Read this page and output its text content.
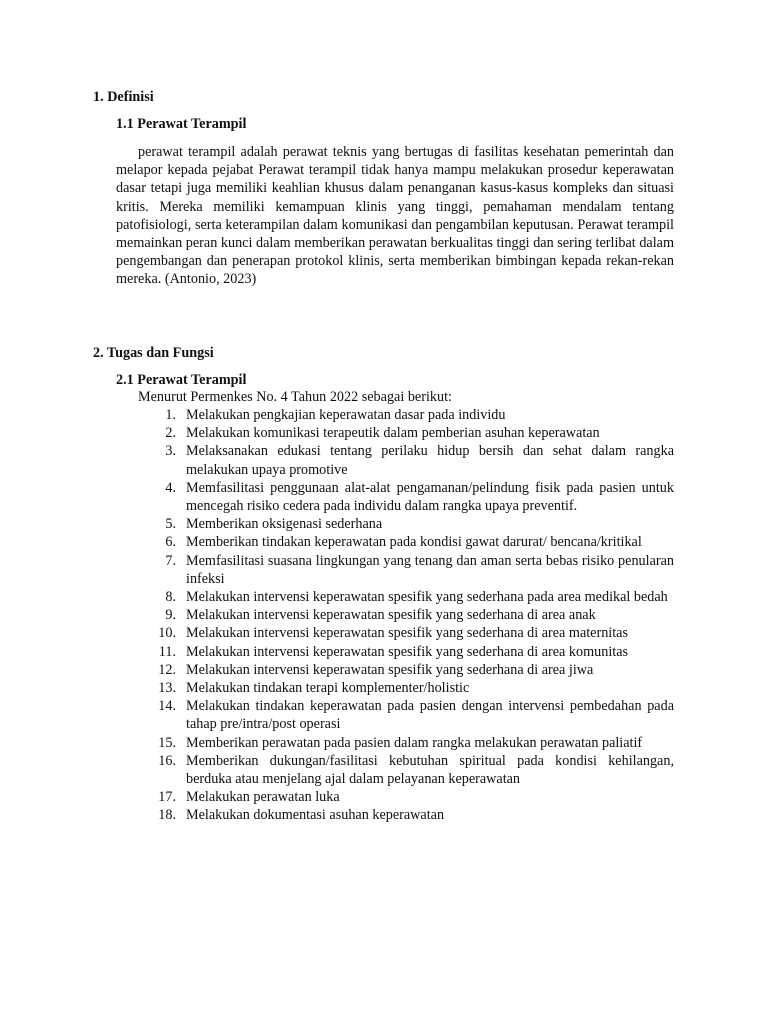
1. Definisi
1.1 Perawat Terampil

perawat terampil adalah perawat teknis yang bertugas di fasilitas kesehatan pemerintah dan melapor kepada pejabat Perawat terampil tidak hanya mampu melakukan prosedur keperawatan dasar tetapi juga memiliki keahlian khusus dalam penanganan kasus-kasus kompleks dan situasi kritis. Mereka memiliki kemampuan klinis yang tinggi, pemahaman mendalam tentang patofisiologi, serta keterampilan dalam komunikasi dan pengambilan keputusan. Perawat terampil memainkan peran kunci dalam memberikan perawatan berkualitas tinggi dan sering terlibat dalam pengembangan dan penerapan protokol klinis, serta memberikan bimbingan kepada rekan-rekan mereka. (Antonio, 2023)

2. Tugas dan Fungsi
2.1 Perawat Terampil

Menurut Permenkes No. 4 Tahun 2022 sebagai berikut:

1. Melakukan pengkajian keperawatan dasar pada individu
2. Melakukan komunikasi terapeutik dalam pemberian asuhan keperawatan
3. Melaksanakan edukasi tentang perilaku hidup bersih dan sehat dalam rangka melakukan upaya promotive
4. Memfasilitasi penggunaan alat-alat pengamanan/pelindung fisik pada pasien untuk mencegah risiko cedera pada individu dalam rangka upaya preventif.
5. Memberikan oksigenasi sederhana
6. Memberikan tindakan keperawatan pada kondisi gawat darurat/ bencana/kritikal
7. Memfasilitasi suasana lingkungan yang tenang dan aman serta bebas risiko penularan infeksi
8. Melakukan intervensi keperawatan spesifik yang sederhana pada area medikal bedah
9. Melakukan intervensi keperawatan spesifik yang sederhana di area anak
10. Melakukan intervensi keperawatan spesifik yang sederhana di area maternitas
11. Melakukan intervensi keperawatan spesifik yang sederhana di area komunitas
12. Melakukan intervensi keperawatan spesifik yang sederhana di area jiwa
13. Melakukan tindakan terapi komplementer/holistic
14. Melakukan tindakan keperawatan pada pasien dengan intervensi pembedahan pada tahap pre/intra/post operasi
15. Memberikan perawatan pada pasien dalam rangka melakukan perawatan paliatif
16. Memberikan dukungan/fasilitasi kebutuhan spiritual pada kondisi kehilangan, berduka atau menjelang ajal dalam pelayanan keperawatan
17. Melakukan perawatan luka
18. Melakukan dokumentasi asuhan keperawatan
